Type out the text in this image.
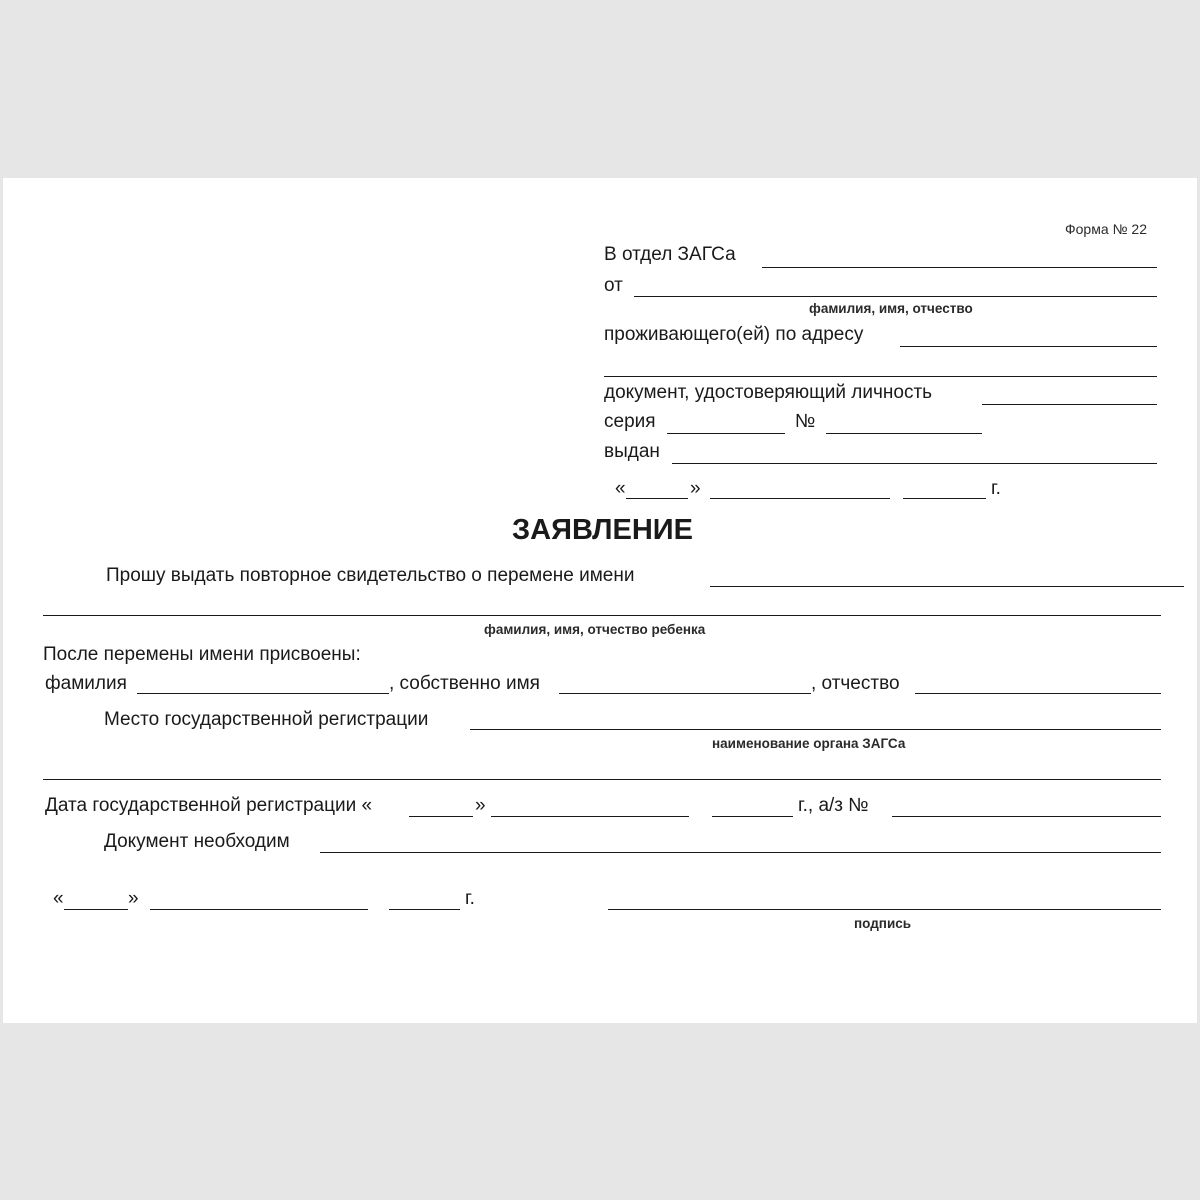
Форма № 22
В отдел ЗАГСа
от
фамилия, имя, отчество
проживающего(ей) по адресу
документ, удостоверяющий личность
серия	№
выдан
«	»	г.
ЗАЯВЛЕНИЕ
Прошу выдать повторное свидетельство о перемене имени
фамилия, имя, отчество ребенка
После перемены имени присвоены:
фамилия	, собственно имя	, отчество
Место государственной регистрации
наименование органа ЗАГСа
Дата государственной регистрации «	»	г., а/з №
Документ необходим
«	»	г.
подпись
